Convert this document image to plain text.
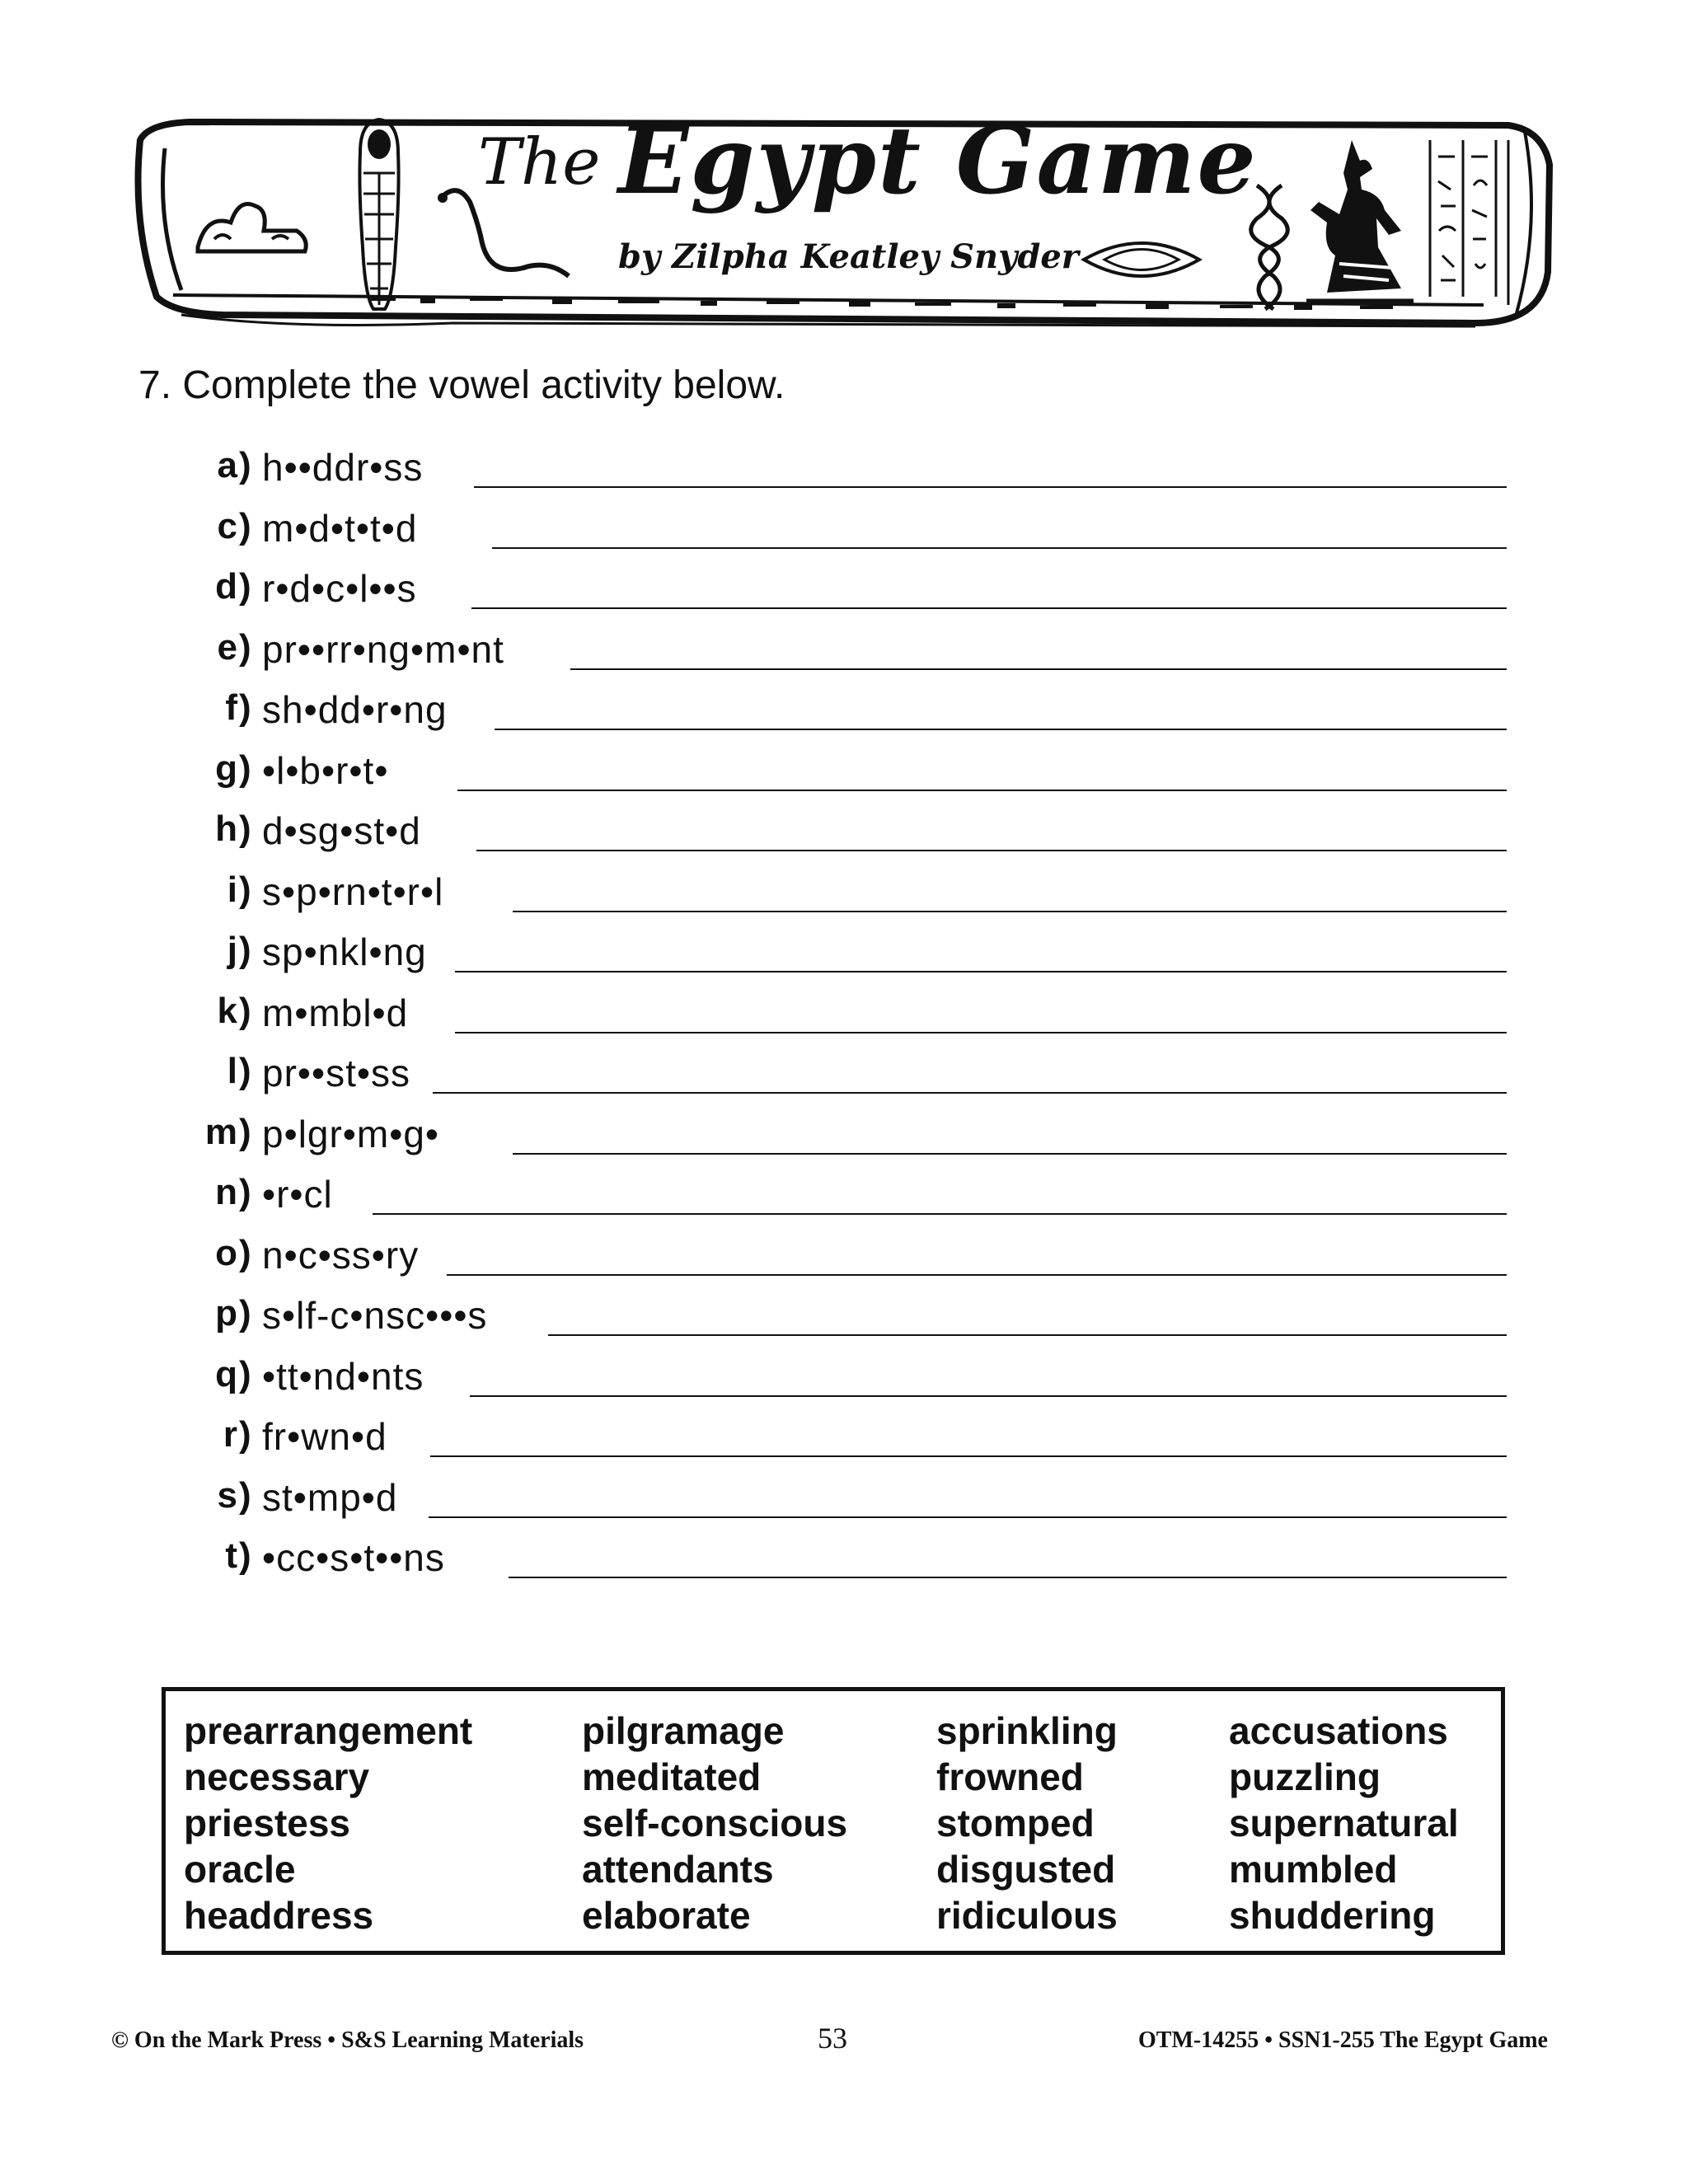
The Egypt Game
by Zilpha Keatley Snyder
7. Complete the vowel activity below.
a ) h••ddr•ss
c ) m•d•t•t•d
d ) r•d•c•l••s
e ) pr••rr•ng•m•nt
f ) sh•dd•r•ng
g ) •l•b•r•t•
h ) d•sg•st•d
i ) s•p•rn•t•r•l
j ) sp•nkl•ng
k ) m•mbl•d
l ) pr••st•ss
m ) p•lgr•m•g•
n ) •r•cl
o ) n•c•ss•ry
p ) s•lf-c•nsc•••s
q ) •tt•nd•nts
r ) fr•wn•d
s ) st•mp•d
t ) •cc•s•t••ns
prearrangement
necessary
priestess
oracle
headdress
pilgramage
meditated
self-conscious
attendants
elaborate
sprinkling
frowned
stomped
disgusted
ridiculous
accusations
puzzling
supernatural
mumbled
shuddering
© On the Mark Press • S&S Learning Materials	53	OTM-14255 • SSN1-255 The Egypt Game
